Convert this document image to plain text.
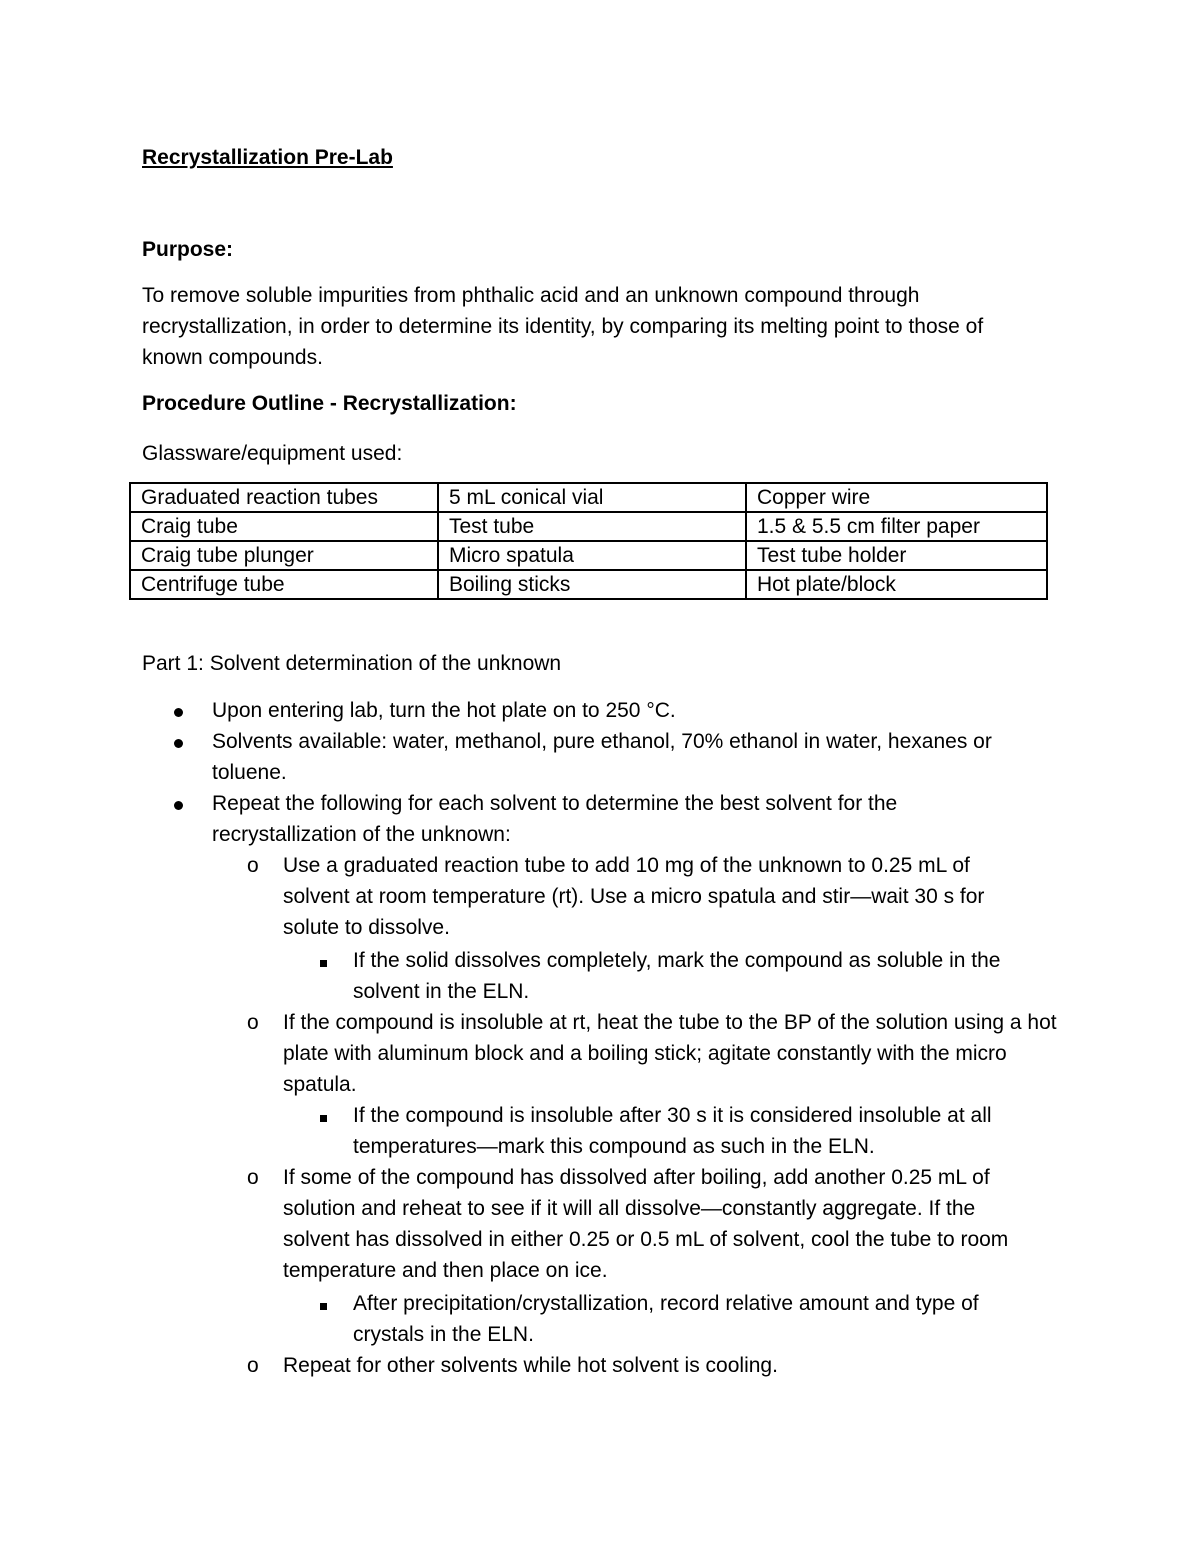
Recrystallization Pre-Lab
Purpose:
To remove soluble impurities from phthalic acid and an unknown compound through recrystallization, in order to determine its identity, by comparing its melting point to those of known compounds.
Procedure Outline - Recrystallization:
Glassware/equipment used:
Graduated reaction tubes	5 mL conical vial	Copper wire
Craig tube	Test tube	1.5 & 5.5 cm filter paper
Craig tube plunger	Micro spatula	Test tube holder
Centrifuge tube	Boiling sticks	Hot plate/block
Part 1: Solvent determination of the unknown
Upon entering lab, turn the hot plate on to 250 °C.
Solvents available: water, methanol, pure ethanol, 70% ethanol in water, hexanes or toluene.
Repeat the following for each solvent to determine the best solvent for the recrystallization of the unknown:
o Use a graduated reaction tube to add 10 mg of the unknown to 0.25 mL of solvent at room temperature (rt). Use a micro spatula and stir—wait 30 s for solute to dissolve.
If the solid dissolves completely, mark the compound as soluble in the solvent in the ELN.
o If the compound is insoluble at rt, heat the tube to the BP of the solution using a hot plate with aluminum block and a boiling stick; agitate constantly with the micro spatula.
If the compound is insoluble after 30 s it is considered insoluble at all temperatures—mark this compound as such in the ELN.
o If some of the compound has dissolved after boiling, add another 0.25 mL of solution and reheat to see if it will all dissolve—constantly aggregate. If the solvent has dissolved in either 0.25 or 0.5 mL of solvent, cool the tube to room temperature and then place on ice.
After precipitation/crystallization, record relative amount and type of crystals in the ELN.
o Repeat for other solvents while hot solvent is cooling.
